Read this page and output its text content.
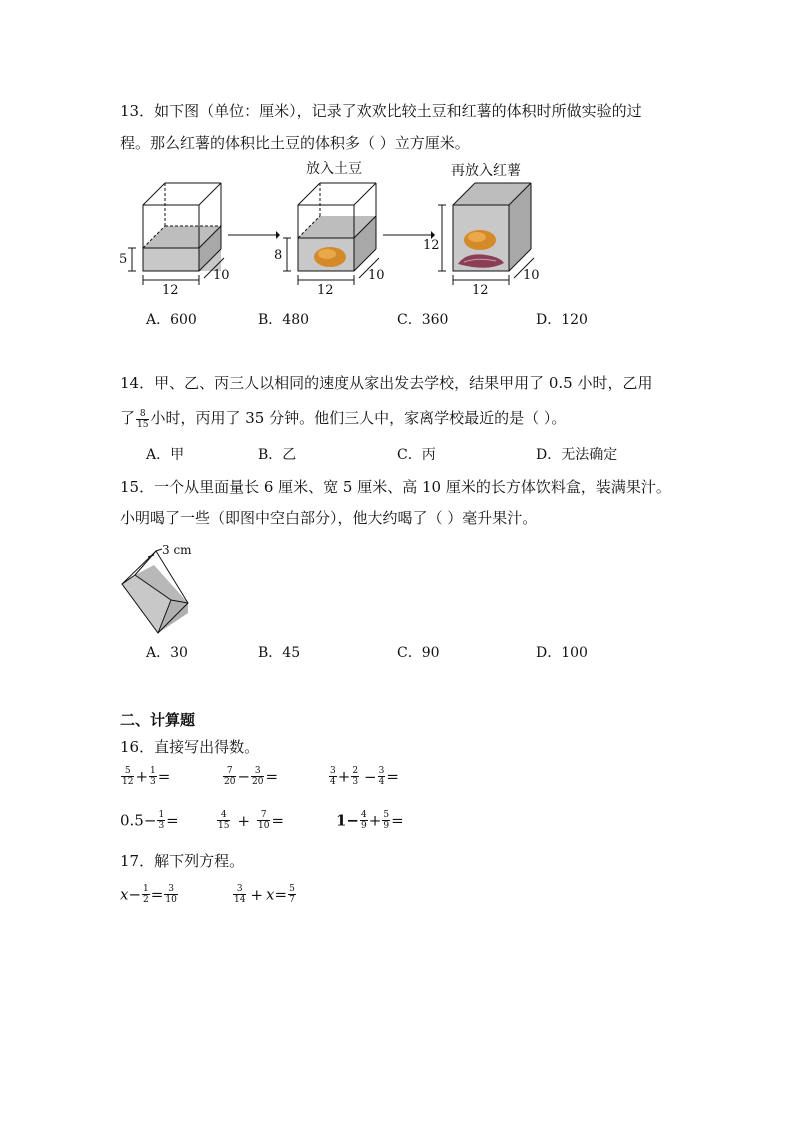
13．如下图（单位：厘米），记录了欢欢比较土豆和红薯的体积时所做实验的过
程。那么红薯的体积比土豆的体积多（ ）立方厘米。
放入土豆	再放入红薯
5
12
10
8
12
10
12
12
10
A．600	B．480	C．360	D．120
14．甲、乙、丙三人以相同的速度从家出发去学校，结果甲用了 0.5 小时，乙用
了 $\frac{8}{15}$ 小时，丙用了 35 分钟。他们三人中，家离学校最近的是（ ）。
A．甲	B．乙	C．丙	D．无法确定
15．一个从里面量长 6 厘米、宽 5 厘米、高 10 厘米的长方体饮料盒，装满果汁。
小明喝了一些（即图中空白部分），他大约喝了（ ）毫升果汁。
3 cm
A．30	B．45	C．90	D．100
二、计算题
16．直接写出得数。
$\frac{5}{12} + \frac{1}{3}$ =	$\frac{7}{20} - \frac{3}{20}$ =	$\frac{3}{4} + \frac{2}{3} - \frac{3}{4}$ =
$0.5- \frac{1}{3}$ =	$\frac{4}{15} + \frac{7}{10}$ =	$1- \frac{4}{9} + \frac{5}{9}$ =
17．解下列方程。
$x- \frac{1}{2} = \frac{3}{10}$	$\frac{3}{14} + x= \frac{5}{7}$
